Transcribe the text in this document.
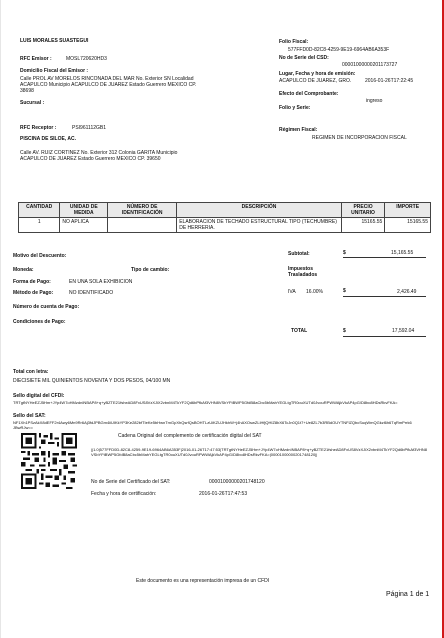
LUIS MORALES SUASTEGUI
RFC Emisor :	MOSL720620HD3
Domicilio Fiscal del Emisor :
Calle PROL AV MORELOS RINCONADA DEL MAR No. Exterior SN Localidad
ACAPULCO Municipio ACAPULCO DE JUAREZ Estado Guerrero MEXICO CP.
38698
Sucursal :
Folio Fiscal:
577FFD0D-82C8-4259-9E19-6964AB6A353F
No de Serie del CSD:
00001000000201173727
Lugar, Fecha y hora de emisión:
ACAPULCO DE JUAREZ, GRO.	2016-01-26T17:22:45
Efecto del Comprobante:
ingreso
Folio y Serie:
RFC Receptor :	PSI961112GB1
PISCINA DE SILOE, AC.
Calle AV. RUIZ CORTINEZ No. Exterior 312 Colonia GARITA Municipio
ACAPULCO DE JUAREZ Estado Guerrero MEXICO CP. 39650
Régimen Fiscal:
REGIMEN DE INCORPORACION FISCAL
CANTIDAD	UNIDAD DE MEDIDA	NÚMERO DE IDENTIFICACIÓN	DESCRIPCIÓN	PRECIO UNITARIO	IMPORTE
1	NO APLICA		ELABORACION DE TECHADO ESTRUCTURAL TIPO (TECHUMBRE) DE HERRERIA.	15165.55	15165.55
Motivo del Descuento:
Moneda:	Tipo de cambio:
Forma de Pago:	EN UNA SOLA EXHIBICION
Método de Pago:	NO IDENTIFICADO
Número de cuenta de Pago:
Condiciones de Pago:
Subtotal:	$	15,165.55
Impuestos Trasladados
IVA 16.00%	$	2,426.49
TOTAL	$	17,592.04
Total con letra:
DIECISIETE MIL QUINIENTOS NOVENTA Y DOS PESOS, 04/100 MN
Sello digital del CFDI:
TRTgtNYHeEZJ5Hm+JYp4W7oHMzdnINBAP8+q+yBZTE21fsheAD8FxUS8VzXJiX2vbnM4TkYF2Qd6bPfkAf3VHN8VSbYFtBWP5GfdB8aCbc5bMahYEGLtgTR0ouXUTd0JvouRPWWAjkVkAP4pG/D8bo8HDsRkvFKA=
Sello del SAT:
NF1Xh1PSzAkX8dEFF2r4Awy6Mn9Rr6Aj3fdJPBGm4iiUIKkYP3Ke282bfTIeKe5bHwnTmGpXhQsrfQsBOHTLzUiKZUJHkhW+j4hAXOswZLiHfjQHIZ8bX6TcJn0Q1t7+Ue8ZL7b3RBdOUYTNFlZQbcSuqWmQGkzl6h6TqRmPrrk6JBwRJw==
Cadena Original del complemento de certificación digital del SAT
||1.0|577FFD0D-82C8-4259-9E19-6964AB6A353F|2016-01-26T17:47:53|TRTgtNYHeEZJ5Hm+JYp4W7oHMzdnINBAP8+q+yBZTE21fsheAD8FxUS8VzXJiX2vbnM4TkYF2Qd6bPfkAf3VHN8VSbYFtBWP5GfdB8aCbc5bMahYEGLtgTR0ouXUTd0JvouRPWWAjkVkAP4pG/D8bo8HDsRkvFKA=|00001000000201748120||
No de Serie del Certificado del SAT:	00001000000201748120
Fecha y hora de certificación:	2016-01-26T17:47:53
Este documento es una representación impresa de un CFDI
Página 1 de 1
